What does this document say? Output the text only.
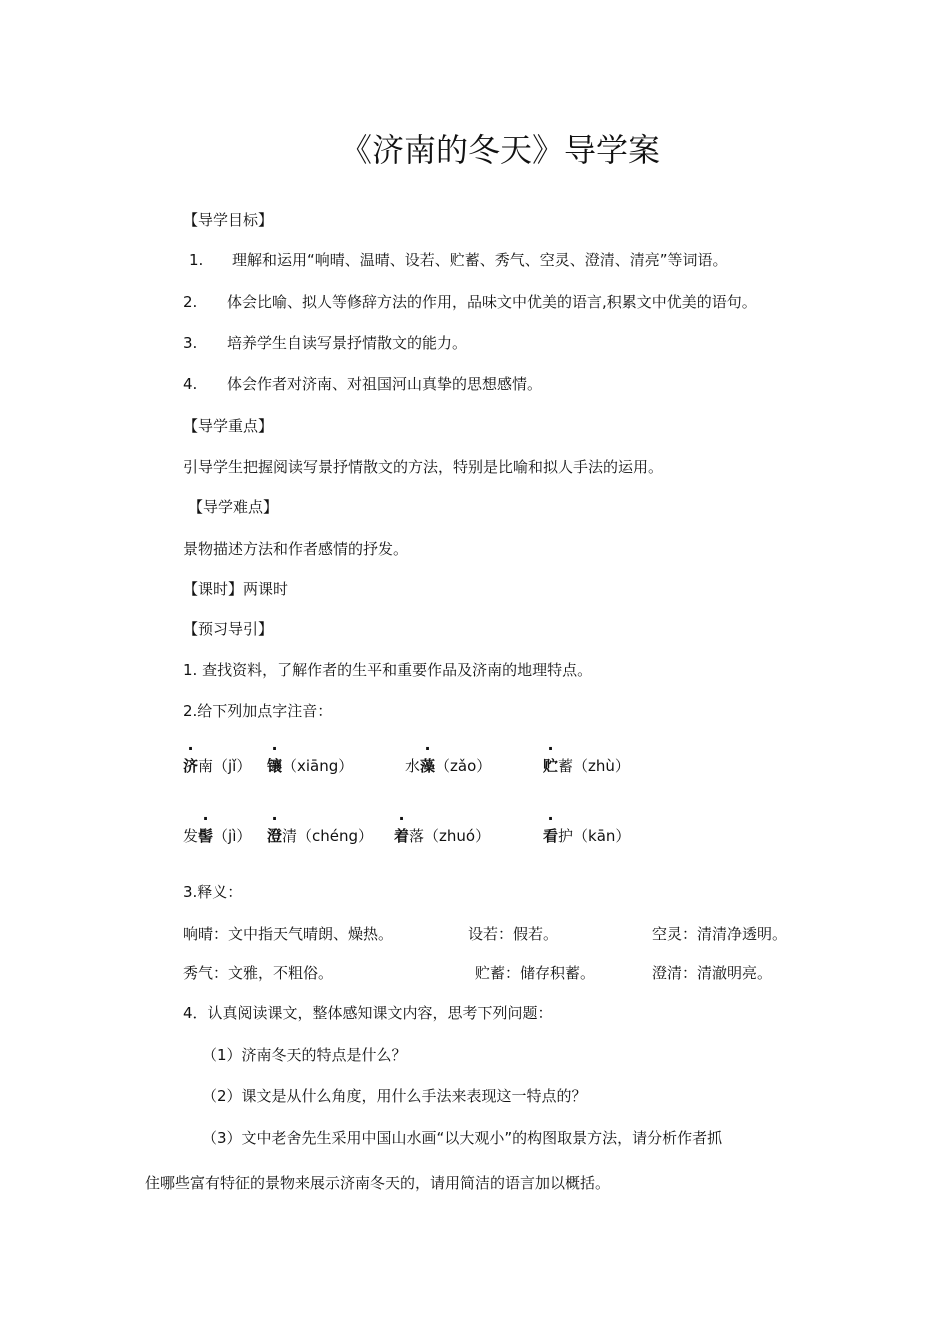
《济南的冬天》导学案
【导学目标】
1. 理解和运用“响晴、温晴、设若、贮蓄、秀气、空灵、澄清、清亮”等词语。
2. 体会比喻、拟人等修辞方法的作用，品味文中优美的语言,积累文中优美的语句。
3. 培养学生自读写景抒情散文的能力。
4. 体会作者对济南、对祖国河山真挚的思想感情。
【导学重点】
引导学生把握阅读写景抒情散文的方法，特别是比喻和拟人手法的运用。
【导学难点】
景物描述方法和作者感情的抒发。
【课时】两课时
【预习导引】
1. 查找资料，了解作者的生平和重要作品及济南的地理特点。
2.给下列加点字注音：
济南（jǐ） 镶（xiāng）	水藻（zǎo）	贮蓄（zhù）
发髻（jì） 澄清（chéng） 着落（zhuó）	看护（kān）
3.释义：
响晴：文中指天气晴朗、燥热。	设若：假若。	空灵：清清净透明。
秀气：文雅，不粗俗。	贮蓄：储存积蓄。	澄清：清澈明亮。
4．认真阅读课文，整体感知课文内容，思考下列问题：
（1）济南冬天的特点是什么？
（2）课文是从什么角度，用什么手法来表现这一特点的？
（3）文中老舍先生采用中国山水画“以大观小”的构图取景方法，请分析作者抓
住哪些富有特征的景物来展示济南冬天的，请用简洁的语言加以概括。
